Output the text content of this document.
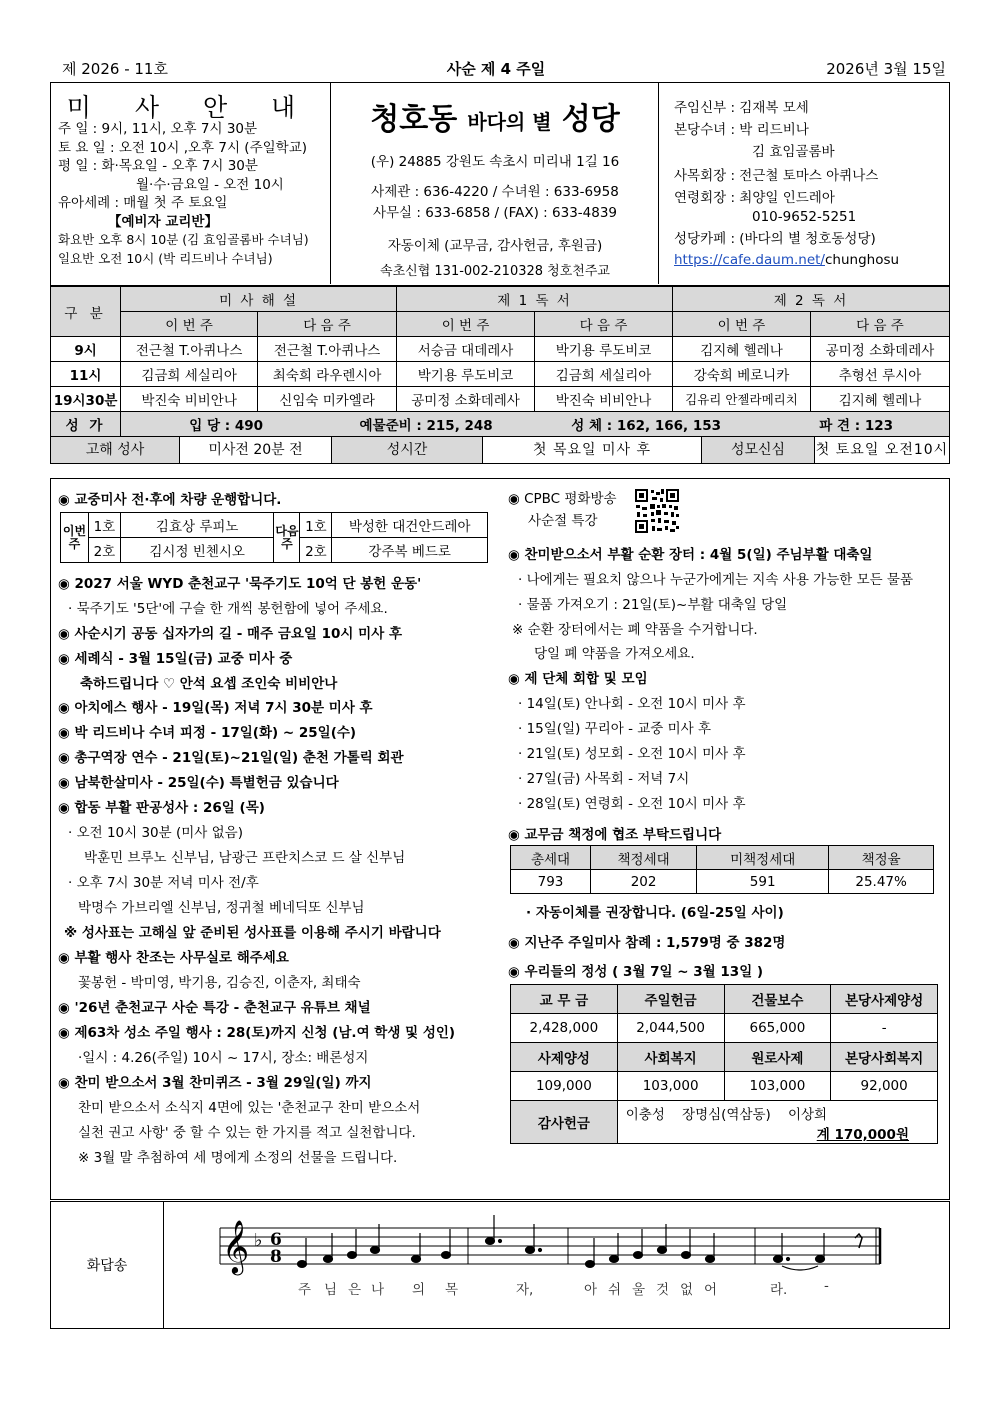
제 2026 - 11호	사순 제 4 주일	2026년 3월 15일
미 사 안 내
주 일 : 9시, 11시, 오후 7시 30분
토 요 일 : 오전 10시 ,오후 7시 (주일학교)
평 일 : 화·목요일 - 오후 7시 30분
월·수·금요일 - 오전 10시
유아세례 : 매월 첫 주 토요일
【예비자 교리반】
화요반 오후 8시 10분 (김 효임골롬바 수녀님)
일요반 오전 10시 (박 리드비나 수녀님)
청호동 바다의 별 성당
(우) 24885 강원도 속초시 미리내 1길 16
사제관 : 636-4220 / 수녀원 : 633-6958
사무실 : 633-6858 / (FAX) : 633-4839
자동이체 (교무금, 감사헌금, 후원금)
속초신협 131-002-210328 청호천주교
주임신부 : 김재복 모세
본당수녀 : 박 리드비나
김 효임골롬바
사목회장 : 전근철 토마스 아퀴나스
연령회장 : 최양일 인드레아
010-9652-5251
성당카페 : (바다의 별 청호동성당)
https://cafe.daum.net/chunghosu
구 분	미 사 해 설		제 1 독 서		제 2 독 서	
	이 번 주	다 음 주	이 번 주	다 음 주	이 번 주	다 음 주
9시	전근철 T.아퀴나스	전근철 T.아퀴나스	서승금 대데레사	박기용 루도비코	김지혜 헬레나	공미정 소화데레사
11시	김금희 세실리아	최숙희 라우렌시아	박기용 루도비코	김금희 세실리아	강숙희 베로니카	추형선 루시아
19시30분	박진숙 비비안나	신임숙 미카엘라	공미정 소화데레사	박진숙 비비안나	김유리 안젤라메리치	김지혜 헬레나
성 가	입 당 : 490 예물준비 : 215, 248 성 체 : 162, 166, 153 파 견 : 123					
고해 성사	미사전 20분 전	성시간	첫 목요일 미사 후	성모신심	첫 토요일 오전10시
◉ 교중미사 전·후에 차량 운행합니다.
이번주	1호	김효상 루피노	다음주	1호	박성한 대건안드레아
	2호	김시정 빈첸시오		2호	강주복 베드로
◉ 2027 서울 WYD 춘천교구 '묵주기도 10억 단 봉헌 운동'
· 묵주기도 '5단'에 구슬 한 개씩 봉헌함에 넣어 주세요.
◉ 사순시기 공동 십자가의 길 - 매주 금요일 10시 미사 후
◉ 세례식 - 3월 15일(금) 교중 미사 중
축하드립니다 ♡ 안석 요셉 조인숙 비비안나
◉ 아치에스 행사 - 19일(목) 저녁 7시 30분 미사 후
◉ 박 리드비나 수녀 피정 - 17일(화) ~ 25일(수)
◉ 총구역장 연수 - 21일(토)~21일(일) 춘천 가톨릭 회관
◉ 남북한살미사 - 25일(수) 특별헌금 있습니다
◉ 합동 부활 판공성사 : 26일 (목)
· 오전 10시 30분 (미사 없음)
박훈민 브루노 신부님, 남광근 프란치스코 드 살 신부님
· 오후 7시 30분 저녁 미사 전/후
박명수 가브리엘 신부님, 정귀철 베네딕또 신부님
※ 성사표는 고해실 앞 준비된 성사표를 이용해 주시기 바랍니다
◉ 부활 행사 찬조는 사무실로 해주세요
꽃봉헌 - 박미영, 박기용, 김승진, 이춘자, 최태숙
◉ '26년 춘천교구 사순 특강 - 춘천교구 유튜브 채널
◉ 제63차 성소 주일 행사 : 28(토)까지 신청 (남.여 학생 및 성인)
·일시 : 4.26(주일) 10시 ~ 17시, 장소: 배론성지
◉ 찬미 받으소서 3월 찬미퀴즈 - 3월 29일(일) 까지
찬미 받으소서 소식지 4면에 있는 '춘천교구 찬미 받으소서
실천 권고 사항' 중 할 수 있는 한 가지를 적고 실천합니다.
※ 3월 말 추첨하여 세 명에게 소정의 선물을 드립니다.
◉ CPBC 평화방송
사순절 특강
◉ 찬미받으소서 부활 순환 장터 : 4월 5(일) 주님부활 대축일
· 나에게는 필요치 않으나 누군가에게는 지속 사용 가능한 모든 물품
· 물품 가져오기 : 21일(토)~부활 대축일 당일
※ 순환 장터에서는 폐 약품을 수거합니다.
당일 폐 약품을 가져오세요.
◉ 제 단체 회합 및 모임
· 14일(토) 안나회 - 오전 10시 미사 후
· 15일(일) 꾸리아 - 교중 미사 후
· 21일(토) 성모회 - 오전 10시 미사 후
· 27일(금) 사목회 - 저녁 7시
· 28일(토) 연령회 - 오전 10시 미사 후
◉ 교무금 책정에 협조 부탁드립니다
총세대	책정세대	미책정세대	책정율
793	202	591	25.47%
· 자동이체를 권장합니다. (6일-25일 사이)
◉ 지난주 주일미사 참례 : 1,579명 중 382명
◉ 우리들의 정성 ( 3월 7일 ~ 3월 13일 )
교 무 금	주일헌금	건물보수	본당사제양성
2,428,000	2,044,500	665,000	-
사제양성	사회복지	원로사제	본당사회복지
109,000	103,000	103,000	92,000
감사헌금	이충성    장명심(역삼동)    이상희
계 170,000원		
화답송	𝄞 ♭ 6
8
주 님 은 나 의 목	자,	아 쉬 울 것 없 어	라.	-
